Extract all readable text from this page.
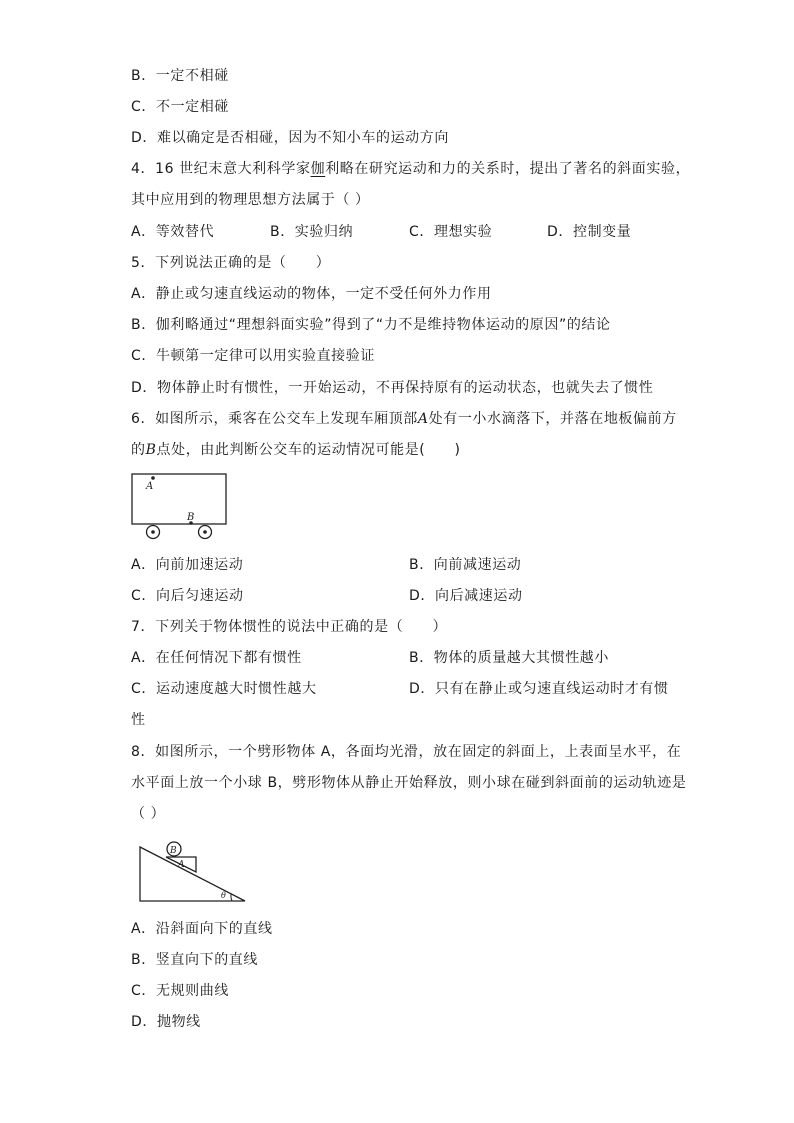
B．一定不相碰
C．不一定相碰
D．难以确定是否相碰，因为不知小车的运动方向
4．16 世纪末意大利科学家伽利略在研究运动和力的关系时，提出了著名的斜面实验，
其中应用到的物理思想方法属于（ ）
A．等效替代	B．实验归纳	C．理想实验	D．控制变量
5．下列说法正确的是（　　）
A．静止或匀速直线运动的物体，一定不受任何外力作用
B．伽利略通过“理想斜面实验”得到了“力不是维持物体运动的原因”的结论
C．牛顿第一定律可以用实验直接验证
D．物体静止时有惯性，一开始运动，不再保持原有的运动状态，也就失去了惯性
6．如图所示，乘客在公交车上发现车厢顶部A处有一小水滴落下，并落在地板偏前方
的B点处，由此判断公交车的运动情况可能是(　　)
A
B
A．向前加速运动	B．向前减速运动
C．向后匀速运动	D．向后减速运动
7．下列关于物体惯性的说法中正确的是（　　）
A．在任何情况下都有惯性	B．物体的质量越大其惯性越小
C．运动速度越大时惯性越大	D．只有在静止或匀速直线运动时才有惯
性
8．如图所示，一个劈形物体 A，各面均光滑，放在固定的斜面上，上表面呈水平，在
水平面上放一个小球 B，劈形物体从静止开始释放，则小球在碰到斜面前的运动轨迹是
（ ）
B
A
θ
A．沿斜面向下的直线
B．竖直向下的直线
C．无规则曲线
D．抛物线
